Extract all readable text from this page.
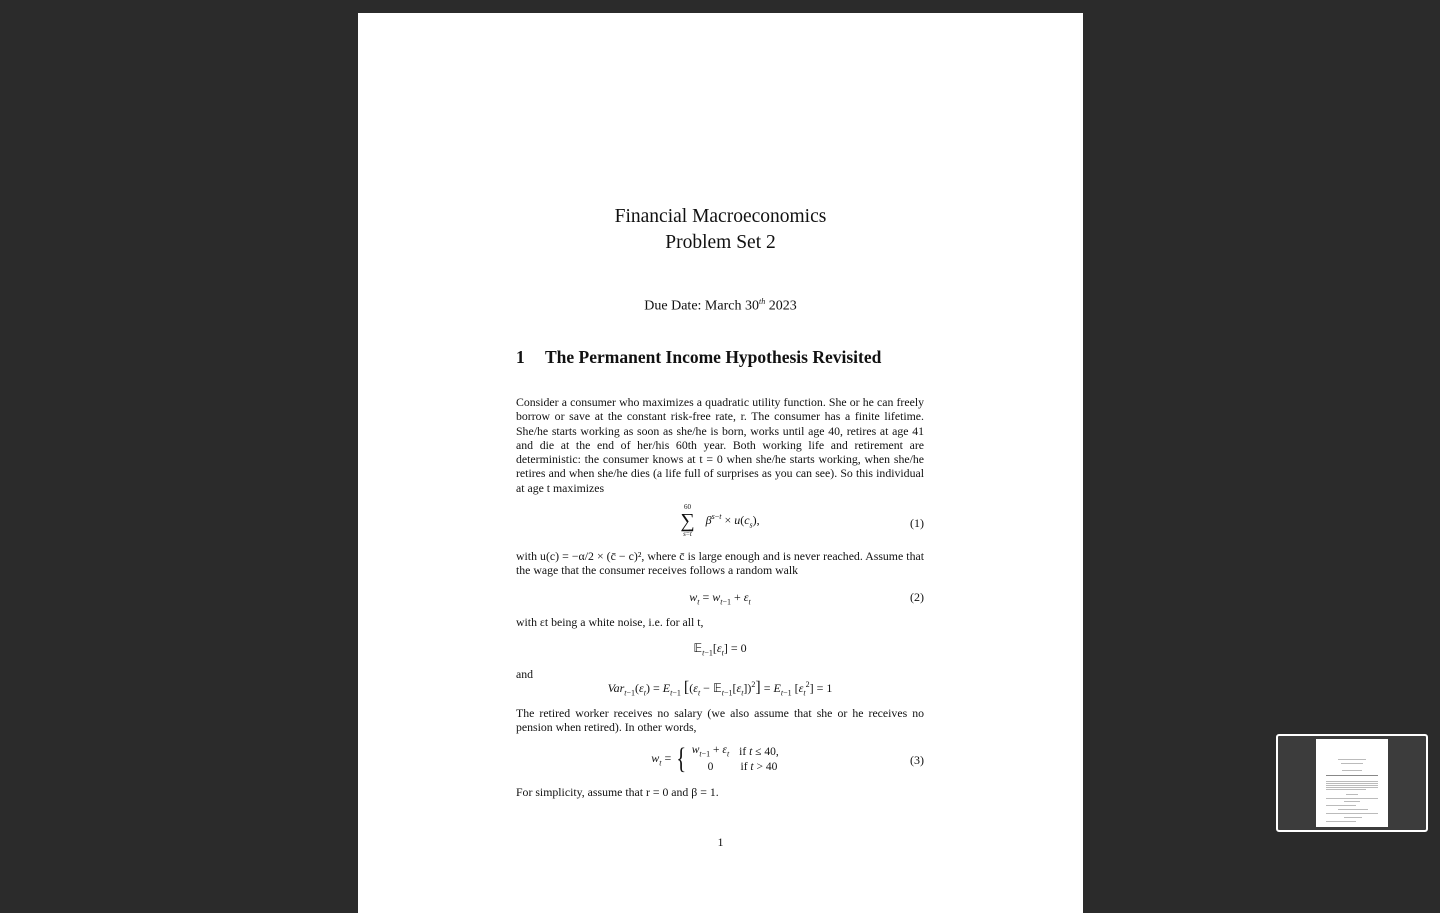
Financial Macroeconomics
Problem Set 2
Due Date: March 30th 2023
1	The Permanent Income Hypothesis Revisited
Consider a consumer who maximizes a quadratic utility function. She or he can freely borrow or save at the constant risk-free rate, r. The consumer has a finite lifetime. She/he starts working as soon as she/he is born, works until age 40, retires at age 41 and die at the end of her/his 60th year. Both working life and retirement are deterministic: the consumer knows at t = 0 when she/he starts working, when she/he retires and when she/he dies (a life full of surprises as you can see). So this individual at age t maximizes
60
∑
s=t
$\beta^{s-t} \times u(c_s)$,	(1)
with u(c) = −α/2 × (c̄ − c)², where c̄ is large enough and is never reached. Assume that the wage that the consumer receives follows a random walk
$w_t = w_{t-1} + \varepsilon_t$	(2)
with εt being a white noise, i.e. for all t,
$𝔼_{t-1}[\varepsilon_t] = 0$
and
$Var_{t-1}(\varepsilon_t) = E_{t-1}$ [($\varepsilon_t$ − $𝔼_{t-1}[\varepsilon_t])^2] = E_{t-1}$ $[\varepsilon_t^2] = 1$
The retired worker receives no salary (we also assume that she or he receives no pension when retired). In other words,
$w_t$ = { $w_{t-1} + \varepsilon_t$	if t ≤ 40,
0	if t > 40	(3)
For simplicity, assume that r = 0 and β = 1.
1
